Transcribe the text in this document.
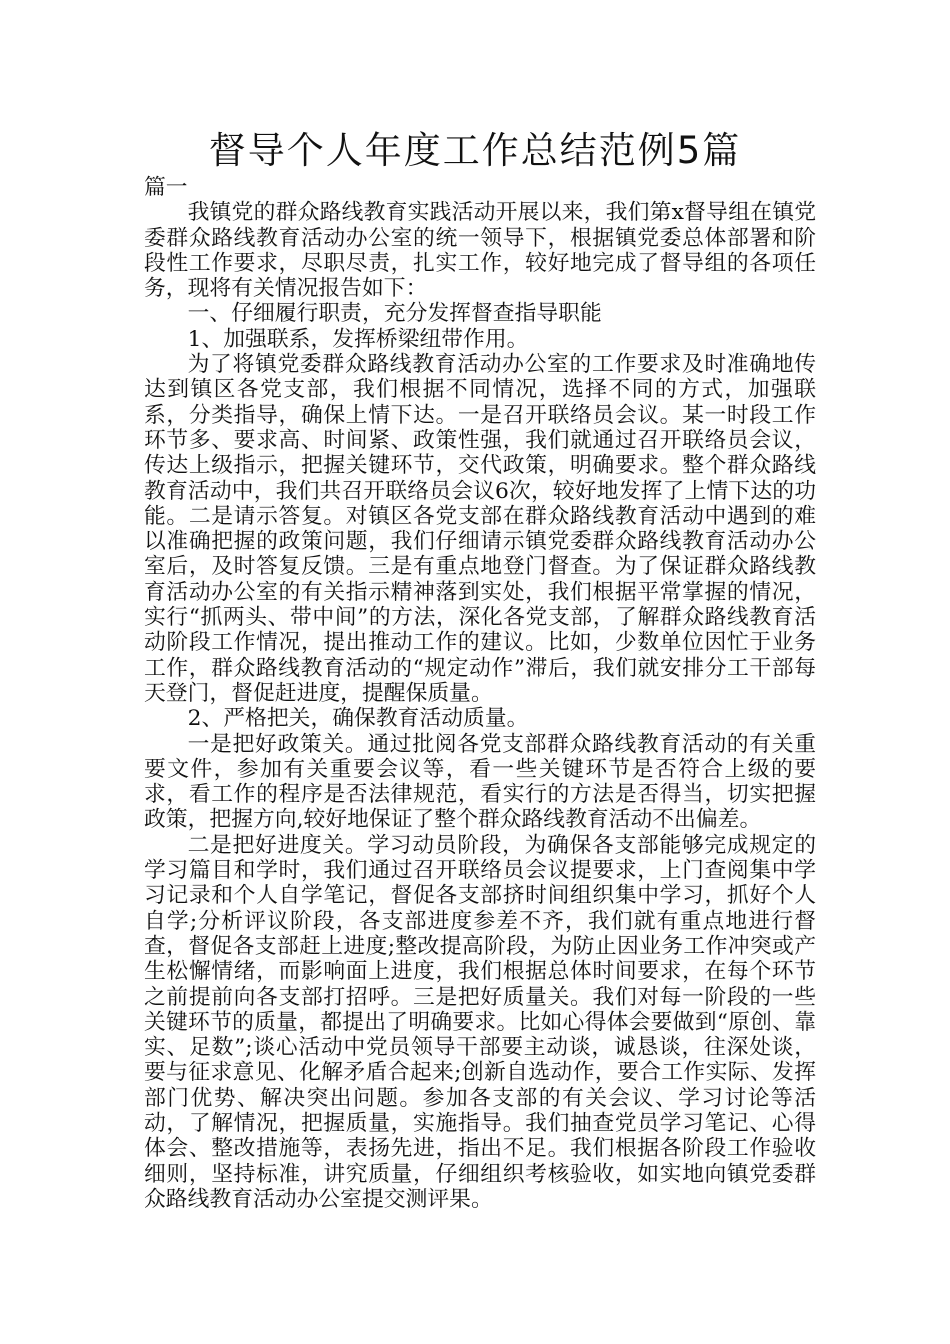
督导个人年度工作总结范例5篇

篇一

我镇党的群众路线教育实践活动开展以来，我们第x督导组在镇党委群众路线教育活动办公室的统一领导下，根据镇党委总体部署和阶段性工作要求，尽职尽责，扎实工作，较好地完成了督导组的各项任务，现将有关情况报告如下：

一、仔细履行职责，充分发挥督查指导职能

1、加强联系，发挥桥梁纽带作用。

为了将镇党委群众路线教育活动办公室的工作要求及时准确地传达到镇区各党支部，我们根据不同情况，选择不同的方式，加强联系，分类指导，确保上情下达。一是召开联络员会议。某一时段工作环节多、要求高、时间紧、政策性强，我们就通过召开联络员会议，传达上级指示，把握关键环节，交代政策，明确要求。整个群众路线教育活动中，我们共召开联络员会议6次，较好地发挥了上情下达的功能。二是请示答复。对镇区各党支部在群众路线教育活动中遇到的难以准确把握的政策问题，我们仔细请示镇党委群众路线教育活动办公室后，及时答复反馈。三是有重点地登门督查。为了保证群众路线教育活动办公室的有关指示精神落到实处，我们根据平常掌握的情况，实行“抓两头、带中间”的方法，深化各党支部，了解群众路线教育活动阶段工作情况，提出推动工作的建议。比如，少数单位因忙于业务工作，群众路线教育活动的“规定动作”滞后，我们就安排分工干部每天登门，督促赶进度，提醒保质量。

2、严格把关，确保教育活动质量。

一是把好政策关。通过批阅各党支部群众路线教育活动的有关重要文件，参加有关重要会议等，看一些关键环节是否符合上级的要求，看工作的程序是否法律规范，看实行的方法是否得当，切实把握政策，把握方向,较好地保证了整个群众路线教育活动不出偏差。

二是把好进度关。学习动员阶段，为确保各支部能够完成规定的学习篇目和学时，我们通过召开联络员会议提要求，上门查阅集中学习记录和个人自学笔记，督促各支部挤时间组织集中学习，抓好个人自学;分析评议阶段，各支部进度参差不齐，我们就有重点地进行督查，督促各支部赶上进度;整改提高阶段，为防止因业务工作冲突或产生松懈情绪，而影响面上进度，我们根据总体时间要求，在每个环节之前提前向各支部打招呼。三是把好质量关。我们对每一阶段的一些关键环节的质量，都提出了明确要求。比如心得体会要做到“原创、靠实、足数”;谈心活动中党员领导干部要主动谈，诚恳谈，往深处谈，要与征求意见、化解矛盾合起来;创新自选动作，要合工作实际、发挥部门优势、解决突出问题。参加各支部的有关会议、学习讨论等活动，了解情况，把握质量，实施指导。我们抽查党员学习笔记、心得体会、整改措施等，表扬先进，指出不足。我们根据各阶段工作验收细则，坚持标准，讲究质量，仔细组织考核验收，如实地向镇党委群众路线教育活动办公室提交测评果。
